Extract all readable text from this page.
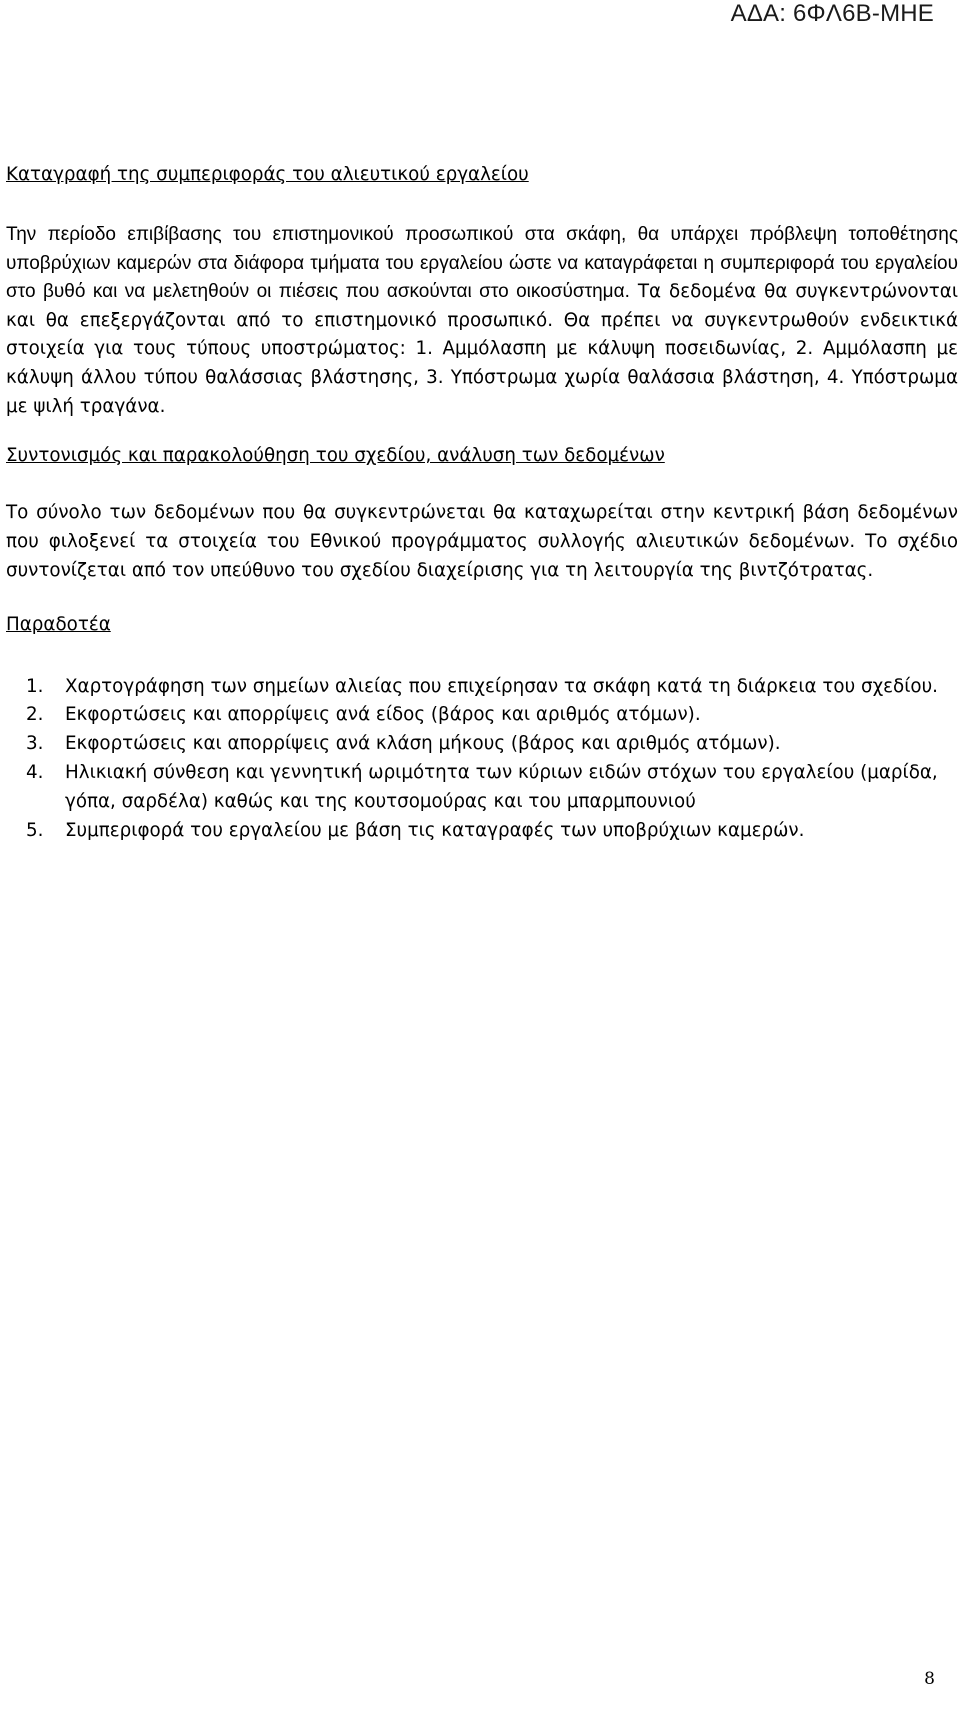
ΑΔΑ: 6ΦΛ6Β-ΜΗΕ
Καταγραφή της συμπεριφοράς του αλιευτικού εργαλείου

Την περίοδο επιβίβασης του επιστημονικού προσωπικού στα σκάφη, θα υπάρχει πρόβλεψη τοποθέτησης υποβρύχιων καμερών στα διάφορα τμήματα του εργαλείου ώστε να καταγράφεται η συμπεριφορά του εργαλείου στο βυθό και να μελετηθούν οι πιέσεις που ασκούνται στο οικοσύστημα. Τα δεδομένα θα συγκεντρώνονται και θα επεξεργάζονται από το επιστημονικό προσωπικό. Θα πρέπει να συγκεντρωθούν ενδεικτικά στοιχεία για τους τύπους υποστρώματος: 1. Αμμόλασπη με κάλυψη ποσειδωνίας, 2. Αμμόλασπη με κάλυψη άλλου τύπου θαλάσσιας βλάστησης, 3. Υπόστρωμα χωρία θαλάσσια βλάστηση, 4. Υπόστρωμα με ψιλή τραγάνα.

Συντονισμός και παρακολούθηση του σχεδίου, ανάλυση των δεδομένων

Το σύνολο των δεδομένων που θα συγκεντρώνεται θα καταχωρείται στην κεντρική βάση δεδομένων που φιλοξενεί τα στοιχεία του Εθνικού προγράμματος συλλογής αλιευτικών δεδομένων. Το σχέδιο συντονίζεται από τον υπεύθυνο του σχεδίου διαχείρισης για τη λειτουργία της βιντζότρατας.

Παραδοτέα
1. Χαρτογράφηση των σημείων αλιείας που επιχείρησαν τα σκάφη κατά τη διάρκεια του σχεδίου.
2. Εκφορτώσεις και απορρίψεις ανά είδος (βάρος και αριθμός ατόμων).
3. Εκφορτώσεις και απορρίψεις ανά κλάση μήκους (βάρος και αριθμός ατόμων).
4. Ηλικιακή σύνθεση και γεννητική ωριμότητα των κύριων ειδών στόχων του εργαλείου (μαρίδα, γόπα, σαρδέλα) καθώς και της κουτσομούρας και του μπαρμπουνιού
5. Συμπεριφορά του εργαλείου με βάση τις καταγραφές των υποβρύχιων καμερών.
8
